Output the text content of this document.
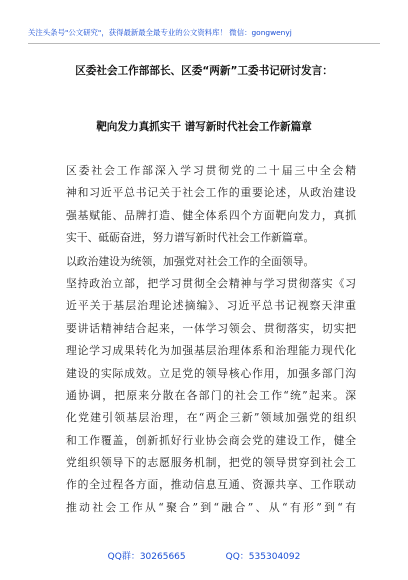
关注头条号"公文研究"，获得最新最全最专业的公文资料库！ 微信：gongwenyj
区委社会工作部部长、区委“两新”工委书记研讨发言：
靶向发力真抓实干 谱写新时代社会工作新篇章
区委社会工作部深入学习贯彻党的二十届三中全会精
神和习近平总书记关于社会工作的重要论述，从政治建设
强基赋能、品牌打造、健全体系四个方面靶向发力，真抓
实干、砥砺奋进，努力谱写新时代社会工作新篇章。
以政治建设为统领，加强党对社会工作的全面领导。
坚持政治立部，把学习贯彻全会精神与学习贯彻落实《习
近平关于基层治理论述摘编》、习近平总书记视察天津重
要讲话精神结合起来，一体学习领会、贯彻落实，切实把
理论学习成果转化为加强基层治理体系和治理能力现代化
建设的实际成效。立足党的领导核心作用，加强多部门沟
通协调，把原来分散在各部门的社会工作“统”起来。深
化党建引领基层治理，在“两企三新”领域加强党的组织
和工作覆盖，创新抓好行业协会商会党的建设工作，健全
党组织领导下的志愿服务机制，把党的领导贯穿到社会工
作的全过程各方面，推动信息互通、资源共享、工作联动
推动社会工作从“聚合”到“融合”、从“有形”到“有
QQ群：30265665	QQ：535304092
